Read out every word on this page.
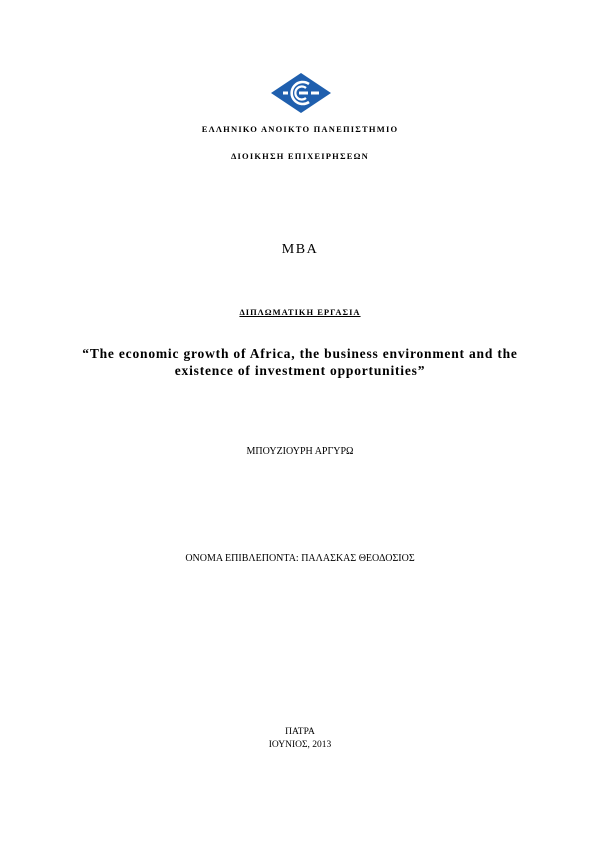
ΕΛΛΗΝΙΚΟ ΑΝΟΙΚΤΟ ΠΑΝΕΠΙΣΤΗΜΙΟ
ΔΙΟΙΚΗΣΗ ΕΠΙΧΕΙΡΗΣΕΩΝ
MBA
ΔΙΠΛΩΜΑΤΙΚΗ ΕΡΓΑΣΙΑ
“The economic growth of Africa, the business environment and the
existence of investment opportunities”
ΜΠΟΥΖΙΟΥΡΗ ΑΡΓΥΡΩ
ΟΝΟΜΑ ΕΠΙΒΛΕΠΟΝΤΑ: ΠΑΛΑΣΚΑΣ ΘΕΟΔΟΣΙΟΣ
ΠΑΤΡΑ
ΙΟΥΝΙΟΣ, 2013
